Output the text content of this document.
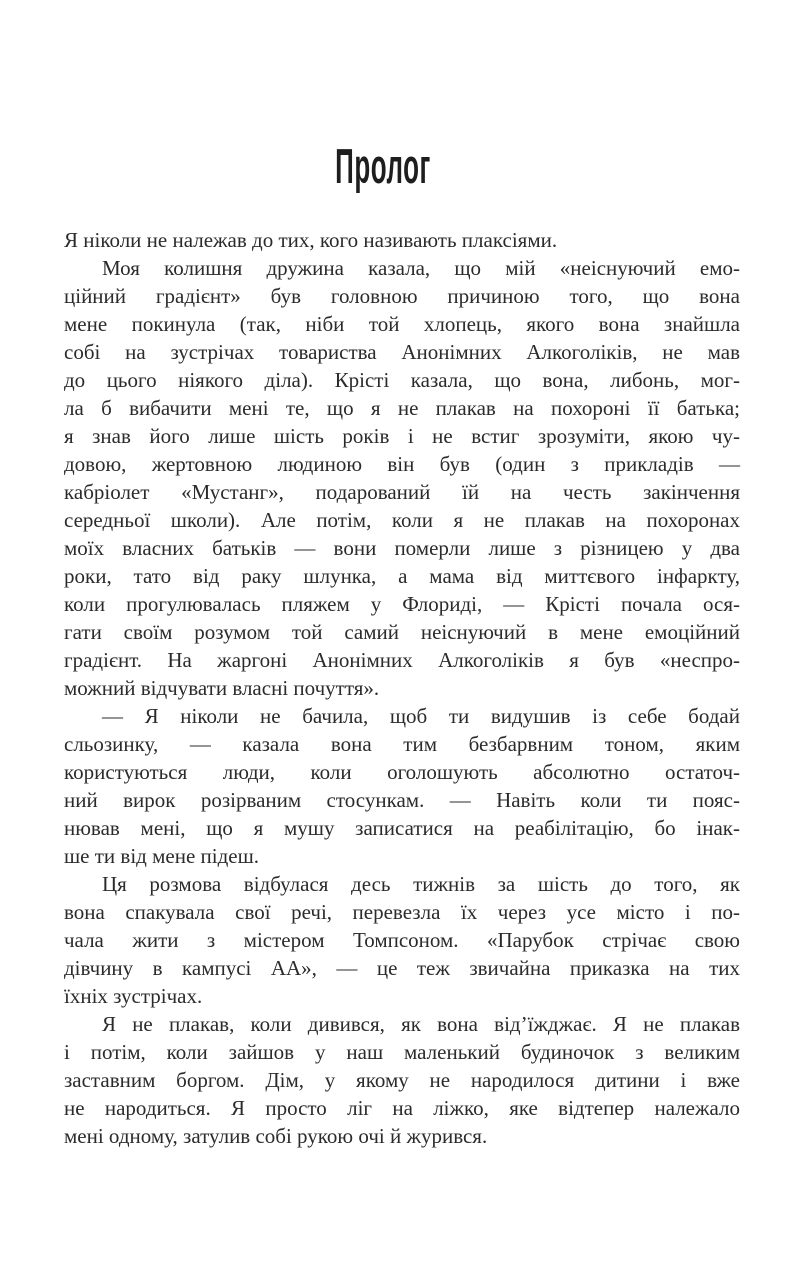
Пролог
Я ніколи не належав до тих, кого називають плаксіями.
Моя колишня дружина казала, що мій «неіснуючий емо-
ційний градієнт» був головною причиною того, що вона
мене покинула (так, ніби той хлопець, якого вона знайшла
собі на зустрічах товариства Анонімних Алкоголіків, не мав
до цього ніякого діла). Крісті казала, що вона, либонь, мог-
ла б вибачити мені те, що я не плакав на похороні її батька;
я знав його лише шість років і не встиг зрозуміти, якою чу-
довою, жертовною людиною він був (один з прикладів —
кабріолет «Мустанг», подарований їй на честь закінчення
середньої школи). Але потім, коли я не плакав на похоронах
моїх власних батьків — вони померли лише з різницею у два
роки, тато від раку шлунка, а мама від миттєвого інфаркту,
коли прогулювалась пляжем у Флориді, — Крісті почала ося-
гати своїм розумом той самий неіснуючий в мене емоційний
градієнт. На жаргоні Анонімних Алкоголіків я був «неспро-
можний відчувати власні почуття».
— Я ніколи не бачила, щоб ти видушив із себе бодай
сльозинку, — казала вона тим безбарвним тоном, яким
користуються люди, коли оголошують абсолютно остаточ-
ний вирок розірваним стосункам. — Навіть коли ти пояс-
нював мені, що я мушу записатися на реабілітацію, бо інак-
ше ти від мене підеш.
Ця розмова відбулася десь тижнів за шість до того, як
вона спакувала свої речі, перевезла їх через усе місто і по-
чала жити з містером Томпсоном. «Парубок стрічає свою
дівчину в кампусі АА», — це теж звичайна приказка на тих
їхніх зустрічах.
Я не плакав, коли дивився, як вона від’їжджає. Я не плакав
і потім, коли зайшов у наш маленький будиночок з великим
заставним боргом. Дім, у якому не народилося дитини і вже
не народиться. Я просто ліг на ліжко, яке відтепер належало
мені одному, затулив собі рукою очі й журився.
